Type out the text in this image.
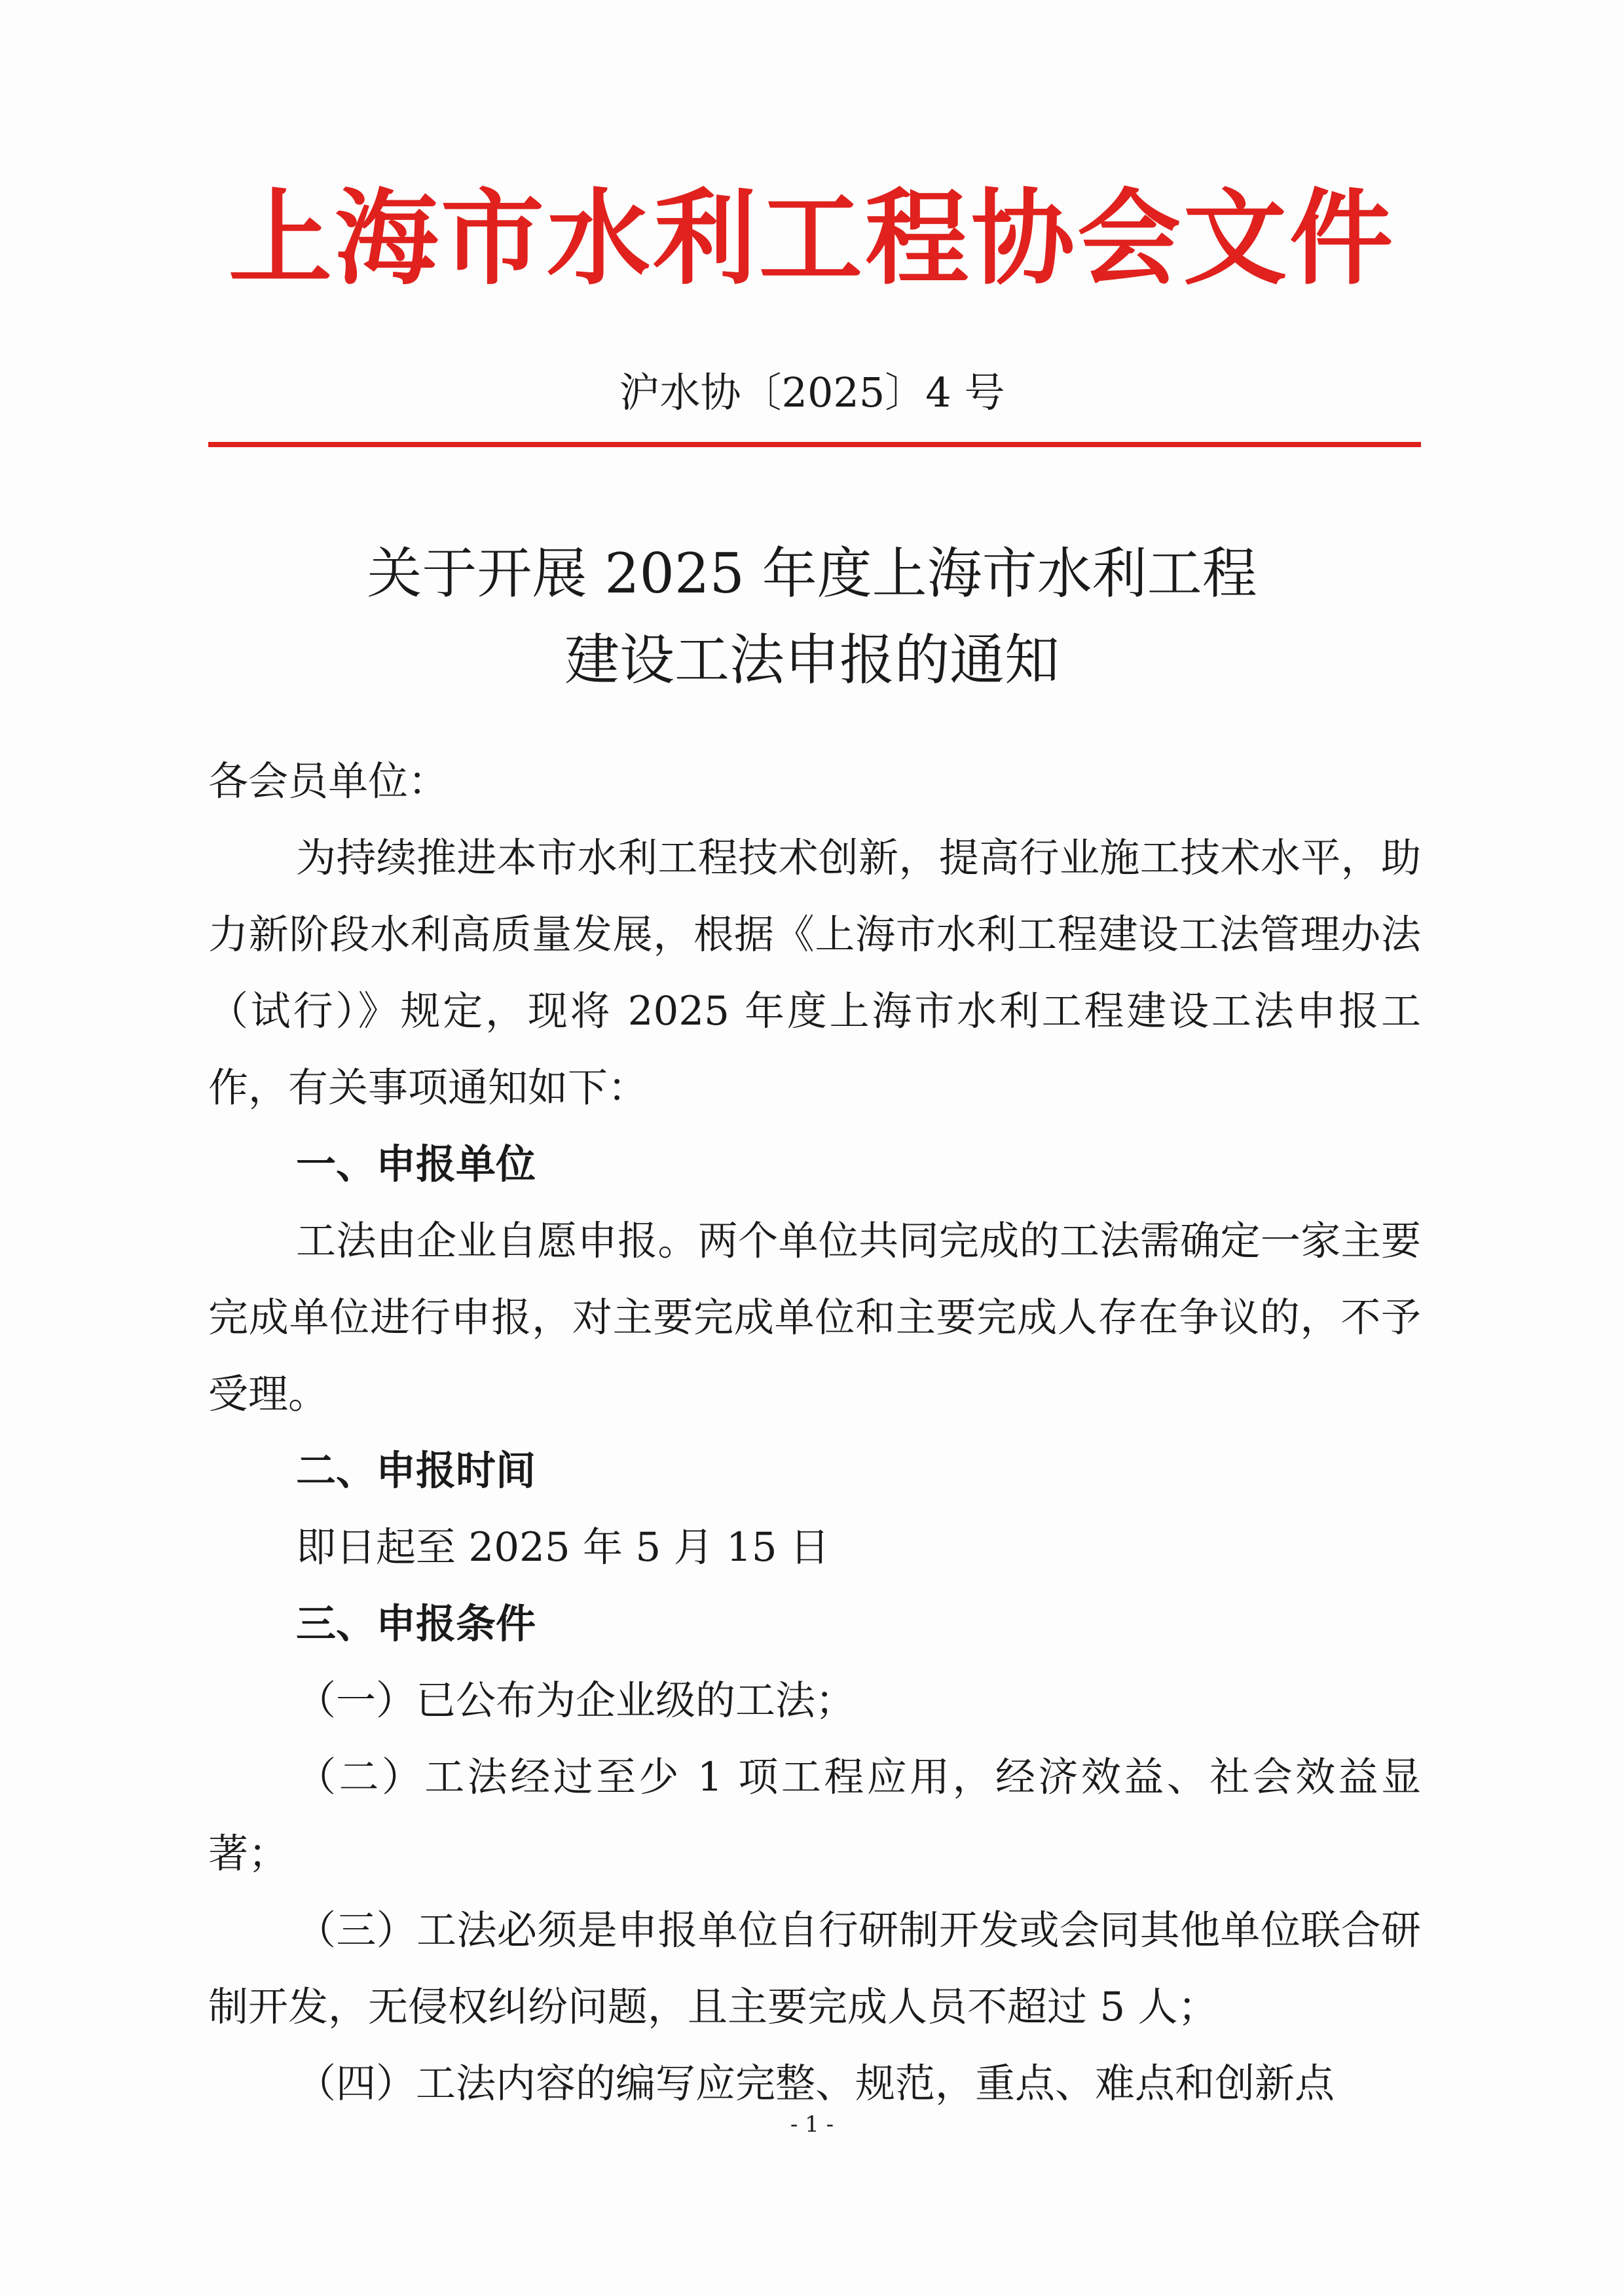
上海市水利工程协会文件
沪水协〔2025〕4 号
关于开展 2025 年度上海市水利工程
建设工法申报的通知

各会员单位：

为持续推进本市水利工程技术创新，提高行业施工技术水平，助力新阶段水利高质量发展，根据《上海市水利工程建设工法管理办法（试行）》规定，现将 2025 年度上海市水利工程建设工法申报工作，有关事项通知如下：

一、申报单位

工法由企业自愿申报。两个单位共同完成的工法需确定一家主要完成单位进行申报，对主要完成单位和主要完成人存在争议的，不予受理。

二、申报时间

即日起至 2025 年 5 月 15 日

三、申报条件

（一）已公布为企业级的工法；

（二）工法经过至少 1 项工程应用，经济效益、社会效益显著；

（三）工法必须是申报单位自行研制开发或会同其他单位联合研制开发，无侵权纠纷问题，且主要完成人员不超过 5 人；

（四）工法内容的编写应完整、规范，重点、难点和创新点

- 1 -
